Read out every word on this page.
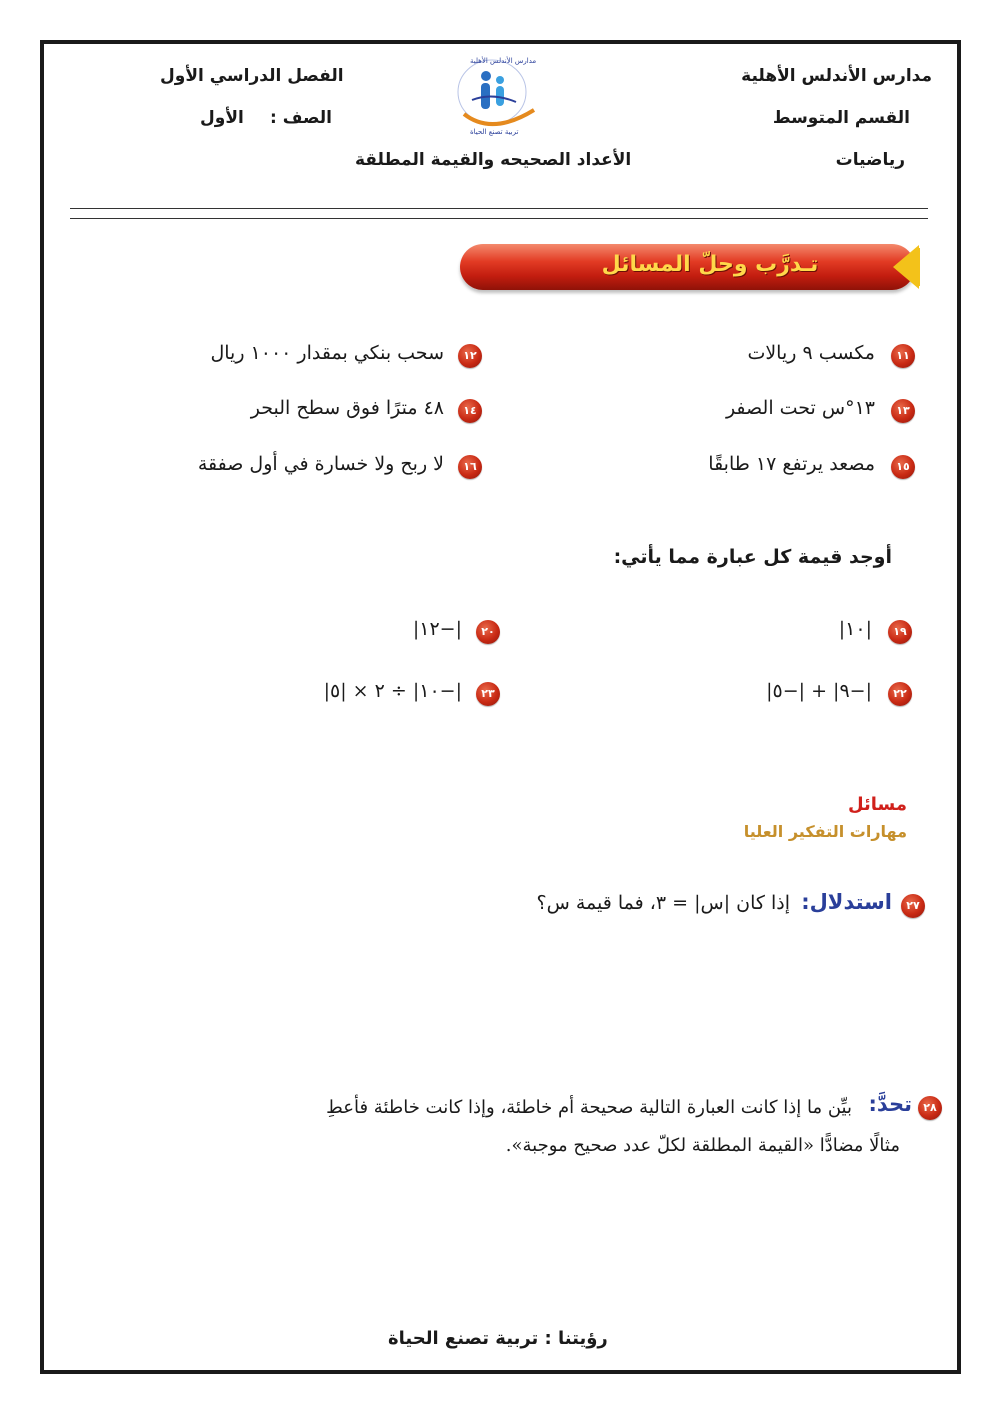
مدارس الأندلس الأهلية
القسم المتوسط
رياضيات
الفصل الدراسي الأول
الصف :
الأول
الأعداد الصحيحه والقيمة المطلقة
مدارس الأندلس الأهلية
تربية تصنع الحياة
تـدرَّب وحلّ المسائل
١١
مكسب ٩ ريالات
١٣
١٣°س تحت الصفر
١٥
مصعد يرتفع ١٧ طابقًا
١٢
سحب بنكي بمقدار ١٠٠٠ ريال
١٤
٤٨ مترًا فوق سطح البحر
١٦
لا ربح ولا خسارة في أول صفقة
أوجد قيمة كل عبارة مما يأتي:
١٩
|١٠|
٢٠
|−١٢|
٢٢
|−٩| + |−٥|
٢٣
|−١٠| ÷ ٢ × |٥|
مسائل
مهارات التفكير العليا
٢٧
استدلال:
إذا كان |س| = ٣، فما قيمة س؟
٢٨
تحدَّ:
بيِّن ما إذا كانت العبارة التالية صحيحة أم خاطئة، وإذا كانت خاطئة فأعطِ
مثالًا مضادًّا «القيمة المطلقة لكلّ عدد صحيح موجبة».
رؤيتنا : تربية تصنع الحياة
